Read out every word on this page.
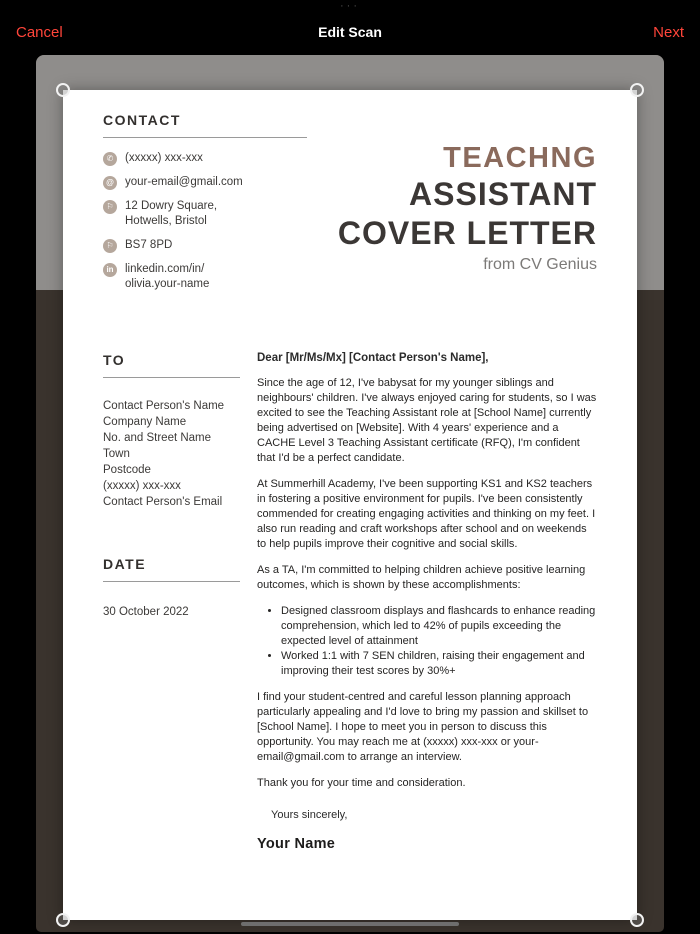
···
Cancel	Edit Scan	Next
CONTACT
✆	(xxxxx) xxx-xxx
@ your-email@gmail.com
⚐ 12 Dowry Square,
Hotwells, Bristol
⚐ BS7 8PD
in linkedin.com/in/
olivia.your-name
TEACHNG
ASSISTANT
COVER LETTER
from CV Genius
TO
Contact Person's Name
Company Name
No. and Street Name
Town
Postcode
(xxxxx) xxx-xxx
Contact Person's Email
DATE
30 October 2022
Dear [Mr/Ms/Mx] [Contact Person's Name],

Since the age of 12, I've babysat for my younger siblings and neighbours' children. I've always enjoyed caring for students, so I was excited to see the Teaching Assistant role at [School Name] currently being advertised on [Website]. With 4 years' experience and a CACHE Level 3 Teaching Assistant certificate (RFQ), I'm confident that I'd be a perfect candidate.

At Summerhill Academy, I've been supporting KS1 and KS2 teachers in fostering a positive environment for pupils. I've been consistently commended for creating engaging activities and thinking on my feet. I also run reading and craft workshops after school and on weekends to help pupils improve their cognitive and social skills.

As a TA, I'm committed to helping children achieve positive learning outcomes, which is shown by these accomplishments:

• Designed classroom displays and flashcards to enhance reading comprehension, which led to 42% of pupils exceeding the expected level of attainment
• Worked 1:1 with 7 SEN children, raising their engagement and improving their test scores by 30%+

I find your student-centred and careful lesson planning approach particularly appealing and I'd love to bring my passion and skillset to [School Name]. I hope to meet you in person to discuss this opportunity. You may reach me at (xxxxx) xxx-xxx or your-email@gmail.com to arrange an interview.

Thank you for your time and consideration.

Yours sincerely,
Your Name
